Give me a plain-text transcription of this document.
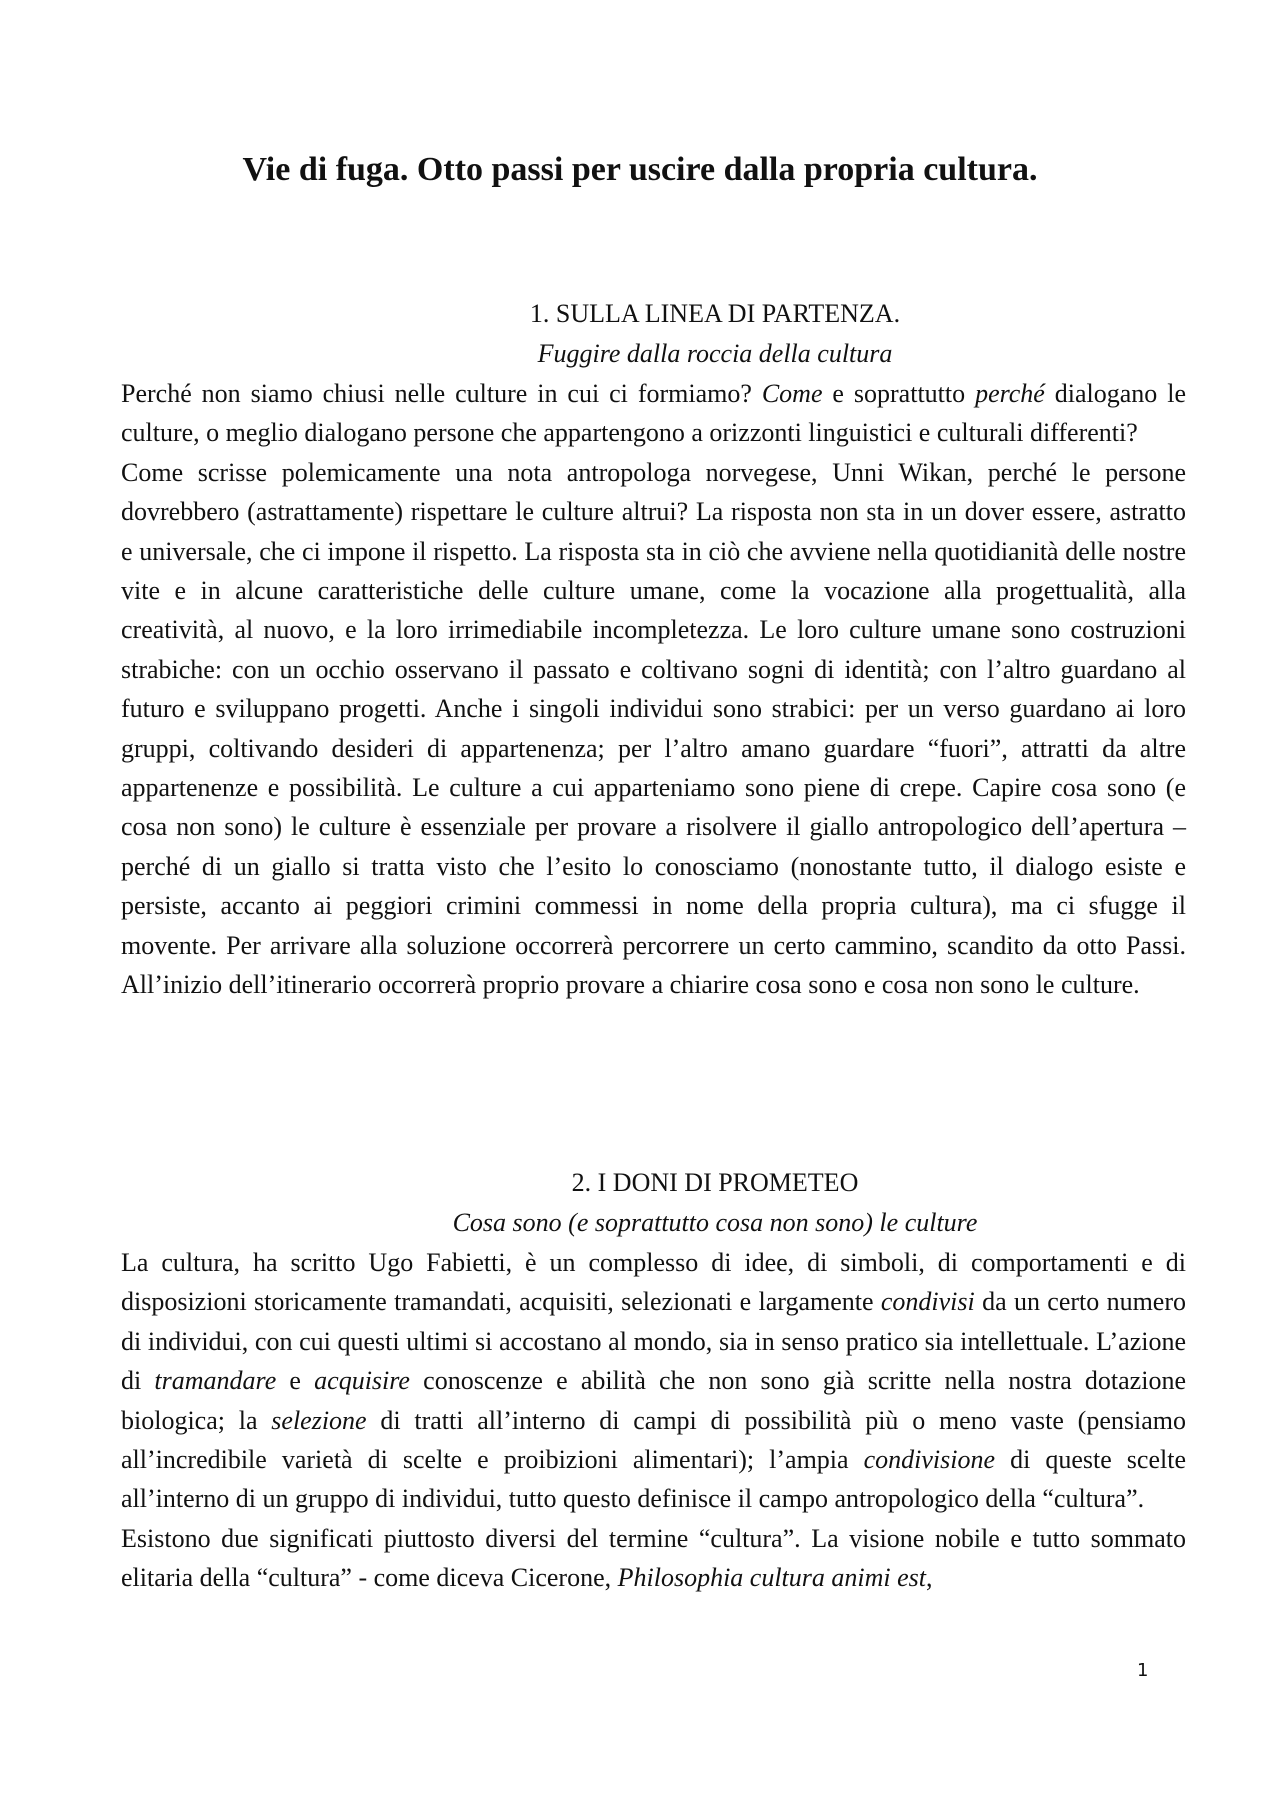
Vie di fuga. Otto passi per uscire dalla propria cultura.
1. SULLA LINEA DI PARTENZA.
Fuggire dalla roccia della cultura

Perché non siamo chiusi nelle culture in cui ci formiamo? Come e soprattutto perché dialogano le culture, o meglio dialogano persone che appartengono a orizzonti linguistici e culturali differenti?

Come scrisse polemicamente una nota antropologa norvegese, Unni Wikan, perché le persone dovrebbero (astrattamente) rispettare le culture altrui? La risposta non sta in un dover essere, astratto e universale, che ci impone il rispetto. La risposta sta in ciò che avviene nella quotidianità delle nostre vite e in alcune caratteristiche delle culture umane, come la vocazione alla progettualità, alla creatività, al nuovo, e la loro irrimediabile incompletezza. Le loro culture umane sono costruzioni strabiche: con un occhio osservano il passato e coltivano sogni di identità; con l’altro guardano al futuro e sviluppano progetti. Anche i singoli individui sono strabici: per un verso guardano ai loro gruppi, coltivando desideri di appartenenza; per l’altro amano guardare “fuori”, attratti da altre appartenenze e possibilità. Le culture a cui apparteniamo sono piene di crepe. Capire cosa sono (e cosa non sono) le culture è essenziale per provare a risolvere il giallo antropologico dell’apertura – perché di un giallo si tratta visto che l’esito lo conosciamo (nonostante tutto, il dialogo esiste e persiste, accanto ai peggiori crimini commessi in nome della propria cultura), ma ci sfugge il movente. Per arrivare alla soluzione occorrerà percorrere un certo cammino, scandito da otto Passi. All’inizio dell’itinerario occorrerà proprio provare a chiarire cosa sono e cosa non sono le culture.

2. I DONI DI PROMETEO
Cosa sono (e soprattutto cosa non sono) le culture

La cultura, ha scritto Ugo Fabietti, è un complesso di idee, di simboli, di comportamenti e di disposizioni storicamente tramandati, acquisiti, selezionati e largamente condivisi da un certo numero di individui, con cui questi ultimi si accostano al mondo, sia in senso pratico sia intellettuale. L’azione di tramandare e acquisire conoscenze e abilità che non sono già scritte nella nostra dotazione biologica; la selezione di tratti all’interno di campi di possibilità più o meno vaste (pensiamo all’incredibile varietà di scelte e proibizioni alimentari); l’ampia condivisione di queste scelte all’interno di un gruppo di individui, tutto questo definisce il campo antropologico della “cultura”.

Esistono due significati piuttosto diversi del termine “cultura”. La visione nobile e tutto sommato elitaria della “cultura” - come diceva Cicerone, Philosophia cultura animi est,

1
